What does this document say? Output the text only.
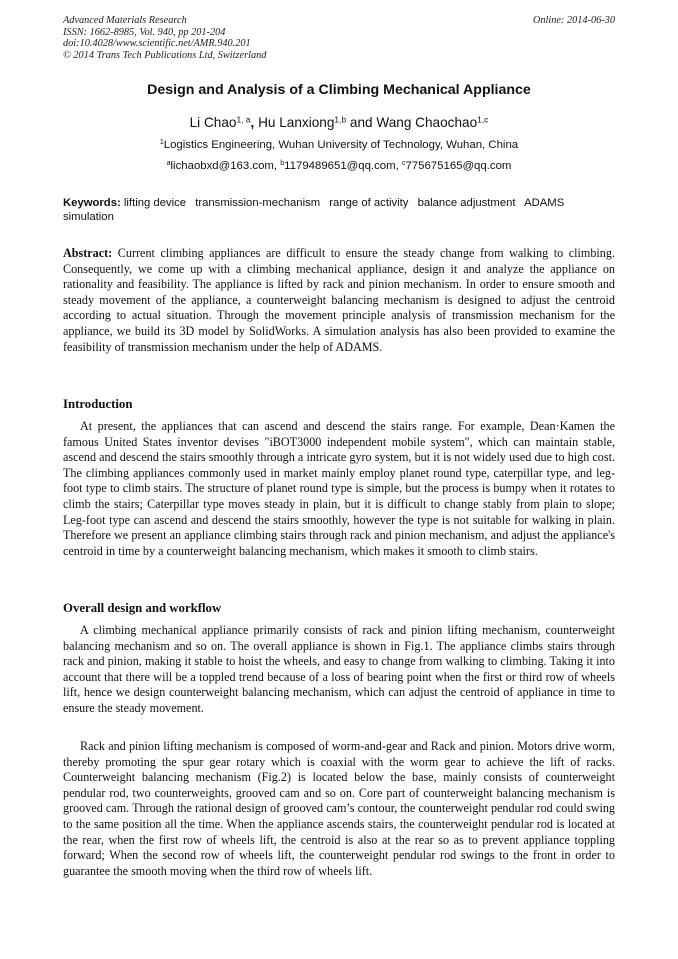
Advanced Materials Research
ISSN: 1662-8985, Vol. 940, pp 201-204
doi:10.4028/www.scientific.net/AMR.940.201
© 2014 Trans Tech Publications Ltd, Switzerland
Online: 2014-06-30
Design and Analysis of a Climbing Mechanical Appliance
Li Chao$^{1, a}$, Hu Lanxiong$^{1,b}$ and Wang Chaochao$^{1,c}$
$^1$Logistics Engineering, Wuhan University of Technology, Wuhan, China
$^a$lichaobxd@163.com, $^b$1179489651@qq.com, $^c$775675165@qq.com
Keywords: lifting device transmission-mechanism range of activity balance adjustment ADAMS simulation

Abstract: Current climbing appliances are difficult to ensure the steady change from walking to climbing. Consequently, we come up with a climbing mechanical appliance, design it and analyze the appliance on rationality and feasibility. The appliance is lifted by rack and pinion mechanism. In order to ensure smooth and steady movement of the appliance, a counterweight balancing mechanism is designed to adjust the centroid according to actual situation. Through the movement principle analysis of transmission mechanism for the appliance, we build its 3D model by SolidWorks. A simulation analysis has also been provided to examine the feasibility of transmission mechanism under the help of ADAMS.

Introduction

At present, the appliances that can ascend and descend the stairs range. For example, Dean·Kamen the famous United States inventor devises "iBOT3000 independent mobile system", which can maintain stable, ascend and descend the stairs smoothly through a intricate gyro system, but it is not widely used due to high cost. The climbing appliances commonly used in market mainly employ planet round type, caterpillar type, and leg-foot type to climb stairs. The structure of planet round type is simple, but the process is bumpy when it rotates to climb the stairs; Caterpillar type moves steady in plain, but it is difficult to change stably from plain to slope; Leg-foot type can ascend and descend the stairs smoothly, however the type is not suitable for walking in plain. Therefore we present an appliance climbing stairs through rack and pinion mechanism, and adjust the appliance's centroid in time by a counterweight balancing mechanism, which makes it smooth to climb stairs.

Overall design and workflow

A climbing mechanical appliance primarily consists of rack and pinion lifting mechanism, counterweight balancing mechanism and so on. The overall appliance is shown in Fig.1. The appliance climbs stairs through rack and pinion, making it stable to hoist the wheels, and easy to change from walking to climbing. Taking it into account that there will be a toppled trend because of a loss of bearing point when the first or third row of wheels lift, hence we design counterweight balancing mechanism, which can adjust the centroid of appliance in time to ensure the steady movement.

Rack and pinion lifting mechanism is composed of worm-and-gear and Rack and pinion. Motors drive worm, thereby promoting the spur gear rotary which is coaxial with the worm gear to achieve the lift of racks. Counterweight balancing mechanism (Fig.2) is located below the base, mainly consists of counterweight pendular rod, two counterweights, grooved cam and so on. Core part of counterweight balancing mechanism is grooved cam. Through the rational design of grooved cam’s contour, the counterweight pendular rod could swing to the same position all the time. When the appliance ascends stairs, the counterweight pendular rod is located at the rear, when the first row of wheels lift, the centroid is also at the rear so as to prevent appliance toppling forward; When the second row of wheels lift, the counterweight pendular rod swings to the front in order to guarantee the smooth moving when the third row of wheels lift.
